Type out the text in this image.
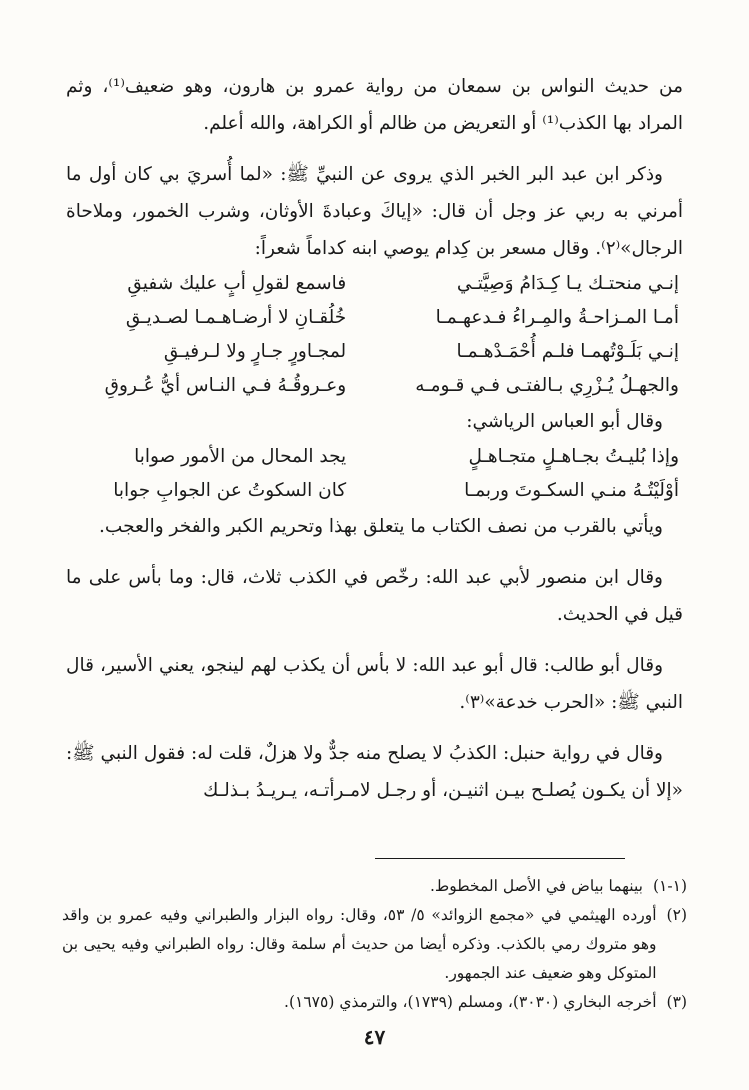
من حديث النواس بن سمعان من رواية عمرو بن هارون، وهو ضعيف⁽¹⁾، وثم المراد بها الكذب⁽¹⁾ أو التعريض من ظالم أو الكراهة، والله أعلم.

وذكر ابن عبد البر الخبر الذي يروى عن النبيِّ ﷺ: «لما أُسريَ بي كان أول ما أمرني به ربي عز وجل أن قال: «إياكَ وعبادةَ الأوثان، وشرب الخمور، وملاحاة الرجال»⁽٢⁾. وقال مسعر بن كِدام يوصي ابنه كداماً شعراً:

إنـي منحتـك يـا كِـدَامُ وَصِيَّتـي	فاسمع لقولِ أبٍ عليك شفيقِ
أمـا المـزاحـةُ والمِـراءُ فـدعهـمـا	خُلُقـانِ لا أرضـاهـمـا لصـديـقِ
إنـي بَلَـوْتُهمـا فلـم أُحْمَـدْهـمـا	لمجـاورٍ جـارٍ ولا لـرفيـقِ
والجهـلُ يُـزْرِي بـالفتـى فـي قـومـه	وعـروقُـهُ فـي النـاس أيُّ عُـروقِ

وقال أبو العباس الرياشي:

وإذا بُليـتُ بجـاهـلٍ متجـاهـلٍ	يجد المحال من الأمور صوابا
أوْلَيْتُـهُ منـي السكـوتَ وربمـا	كان السكوتُ عن الجوابِ جوابا

ويأتي بالقرب من نصف الكتاب ما يتعلق بهذا وتحريم الكبر والفخر والعجب.

وقال ابن منصور لأبي عبد الله: رخّص في الكذب ثلاث، قال: وما بأس على ما قيل في الحديث.

وقال أبو طالب: قال أبو عبد الله: لا بأس أن يكذب لهم لينجو، يعني الأسير، قال النبي ﷺ: «الحرب خدعة»⁽٣⁾.

وقال في رواية حنبل: الكذبُ لا يصلح منه جدٌّ ولا هزلٌ، قلت له: فقول النبي ﷺ: «إلا أن يكـون يُصلـح بيـن اثنيـن، أو رجـل لامـرأتـه، يـريـدُ بـذلـك

(١-١)
بينهما بياض في الأصل المخطوط.

(٢)
أورده الهيثمي في «مجمع الزوائد» ٥/ ٥٣، وقال: رواه البزار والطبراني وفيه عمرو بن واقد وهو متروك رمي بالكذب. وذكره أيضا من حديث أم سلمة وقال: رواه الطبراني وفيه يحيى بن المتوكل وهو ضعيف عند الجمهور.

(٣)
أخرجه البخاري (٣٠٣٠)، ومسلم (١٧٣٩)، والترمذي (١٦٧٥).

٤٧
